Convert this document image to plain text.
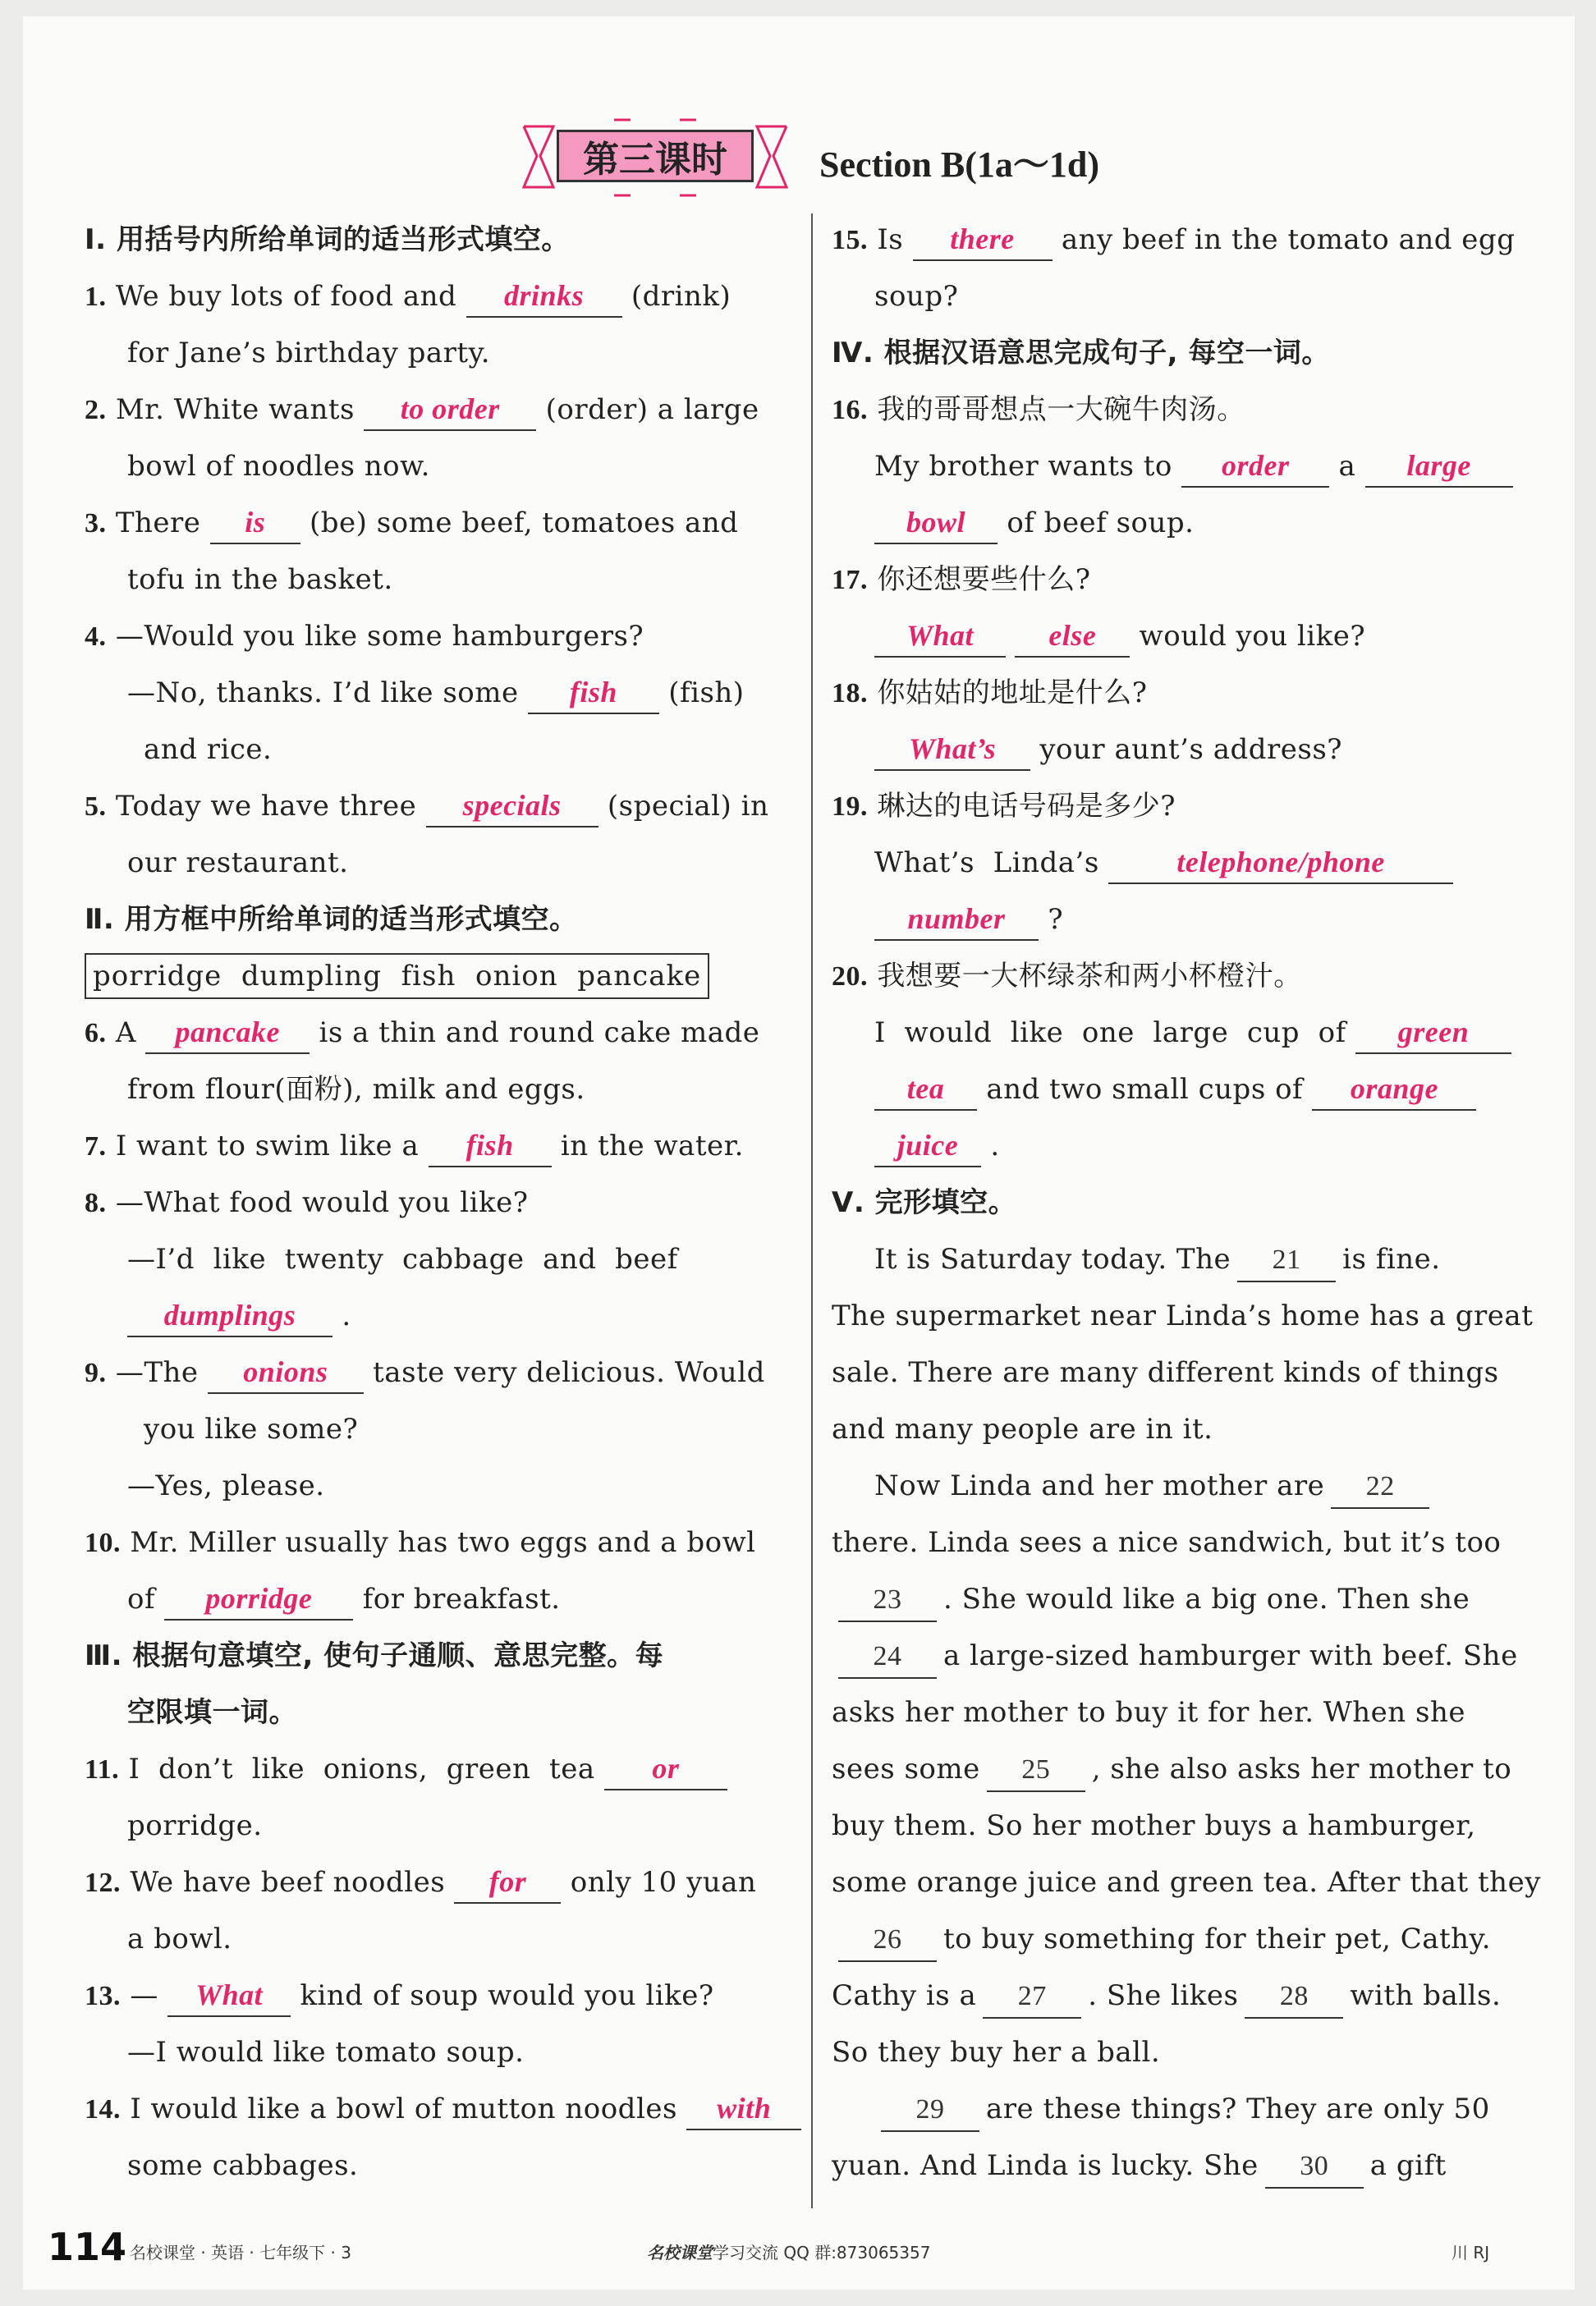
第三课时	Section B(1a～1d)
Ⅰ. 用括号内所给单词的适当形式填空。
1. We buy lots of food and drinks (drink)
for Jane’s birthday party.
2. Mr. White wants to order (order) a large
bowl of noodles now.
3. There is (be) some beef, tomatoes and
tofu in the basket.
4. —Would you like some hamburgers?
—No, thanks. I’d like some fish (fish)
and rice.
5. Today we have three specials (special) in
our restaurant.
Ⅱ. 用方框中所给单词的适当形式填空。
porridge  dumpling  fish  onion  pancake
6. A pancake is a thin and round cake made
from flour(面粉), milk and eggs.
7. I want to swim like a fish in the water.
8. —What food would you like?
—I’d  like  twenty  cabbage  and  beef
dumplings .
9. —The onions taste very delicious. Would
you like some?
—Yes, please.
10. Mr. Miller usually has two eggs and a bowl
of porridge for breakfast.
Ⅲ. 根据句意填空, 使句子通顺、意思完整。每
空限填一词。
11. I  don’t  like  onions,  green  tea or
porridge.
12. We have beef noodles for only 10 yuan
a bowl.
13. — What kind of soup would you like?
—I would like tomato soup.
14. I would like a bowl of mutton noodles with
some cabbages.
15. Is there any beef in the tomato and egg
soup?
Ⅳ. 根据汉语意思完成句子, 每空一词。
16. 我的哥哥想点一大碗牛肉汤。
My brother wants to order a large
bowl of beef soup.
17. 你还想要些什么?
What	else would you like?
18. 你姑姑的地址是什么?
What’s your aunt’s address?
19. 琳达的电话号码是多少?
What’s  Linda’s	telephone/phone
number ?
20. 我想要一大杯绿茶和两小杯橙汁。
I  would  like  one  large  cup  of green
tea and two small cups of orange
juice .
Ⅴ. 完形填空。
It is Saturday today. The 21 is fine.
The supermarket near Linda’s home has a great
sale. There are many different kinds of things
and many people are in it.
Now Linda and her mother are 22
there. Linda sees a nice sandwich, but it’s too
23 . She would like a big one. Then she
24 a large-sized hamburger with beef. She
asks her mother to buy it for her. When she
sees some 25 , she also asks her mother to
buy them. So her mother buys a hamburger,
some orange juice and green tea. After that they
26 to buy something for their pet, Cathy.
Cathy is a 27 . She likes 28 with balls.
So they buy her a ball.
29 are these things? They are only 50
yuan. And Linda is lucky. She 30 a gift
114 名校课堂 · 英语 · 七年级下 · 3	名校课堂学习交流 QQ 群:873065357	川 RJ
